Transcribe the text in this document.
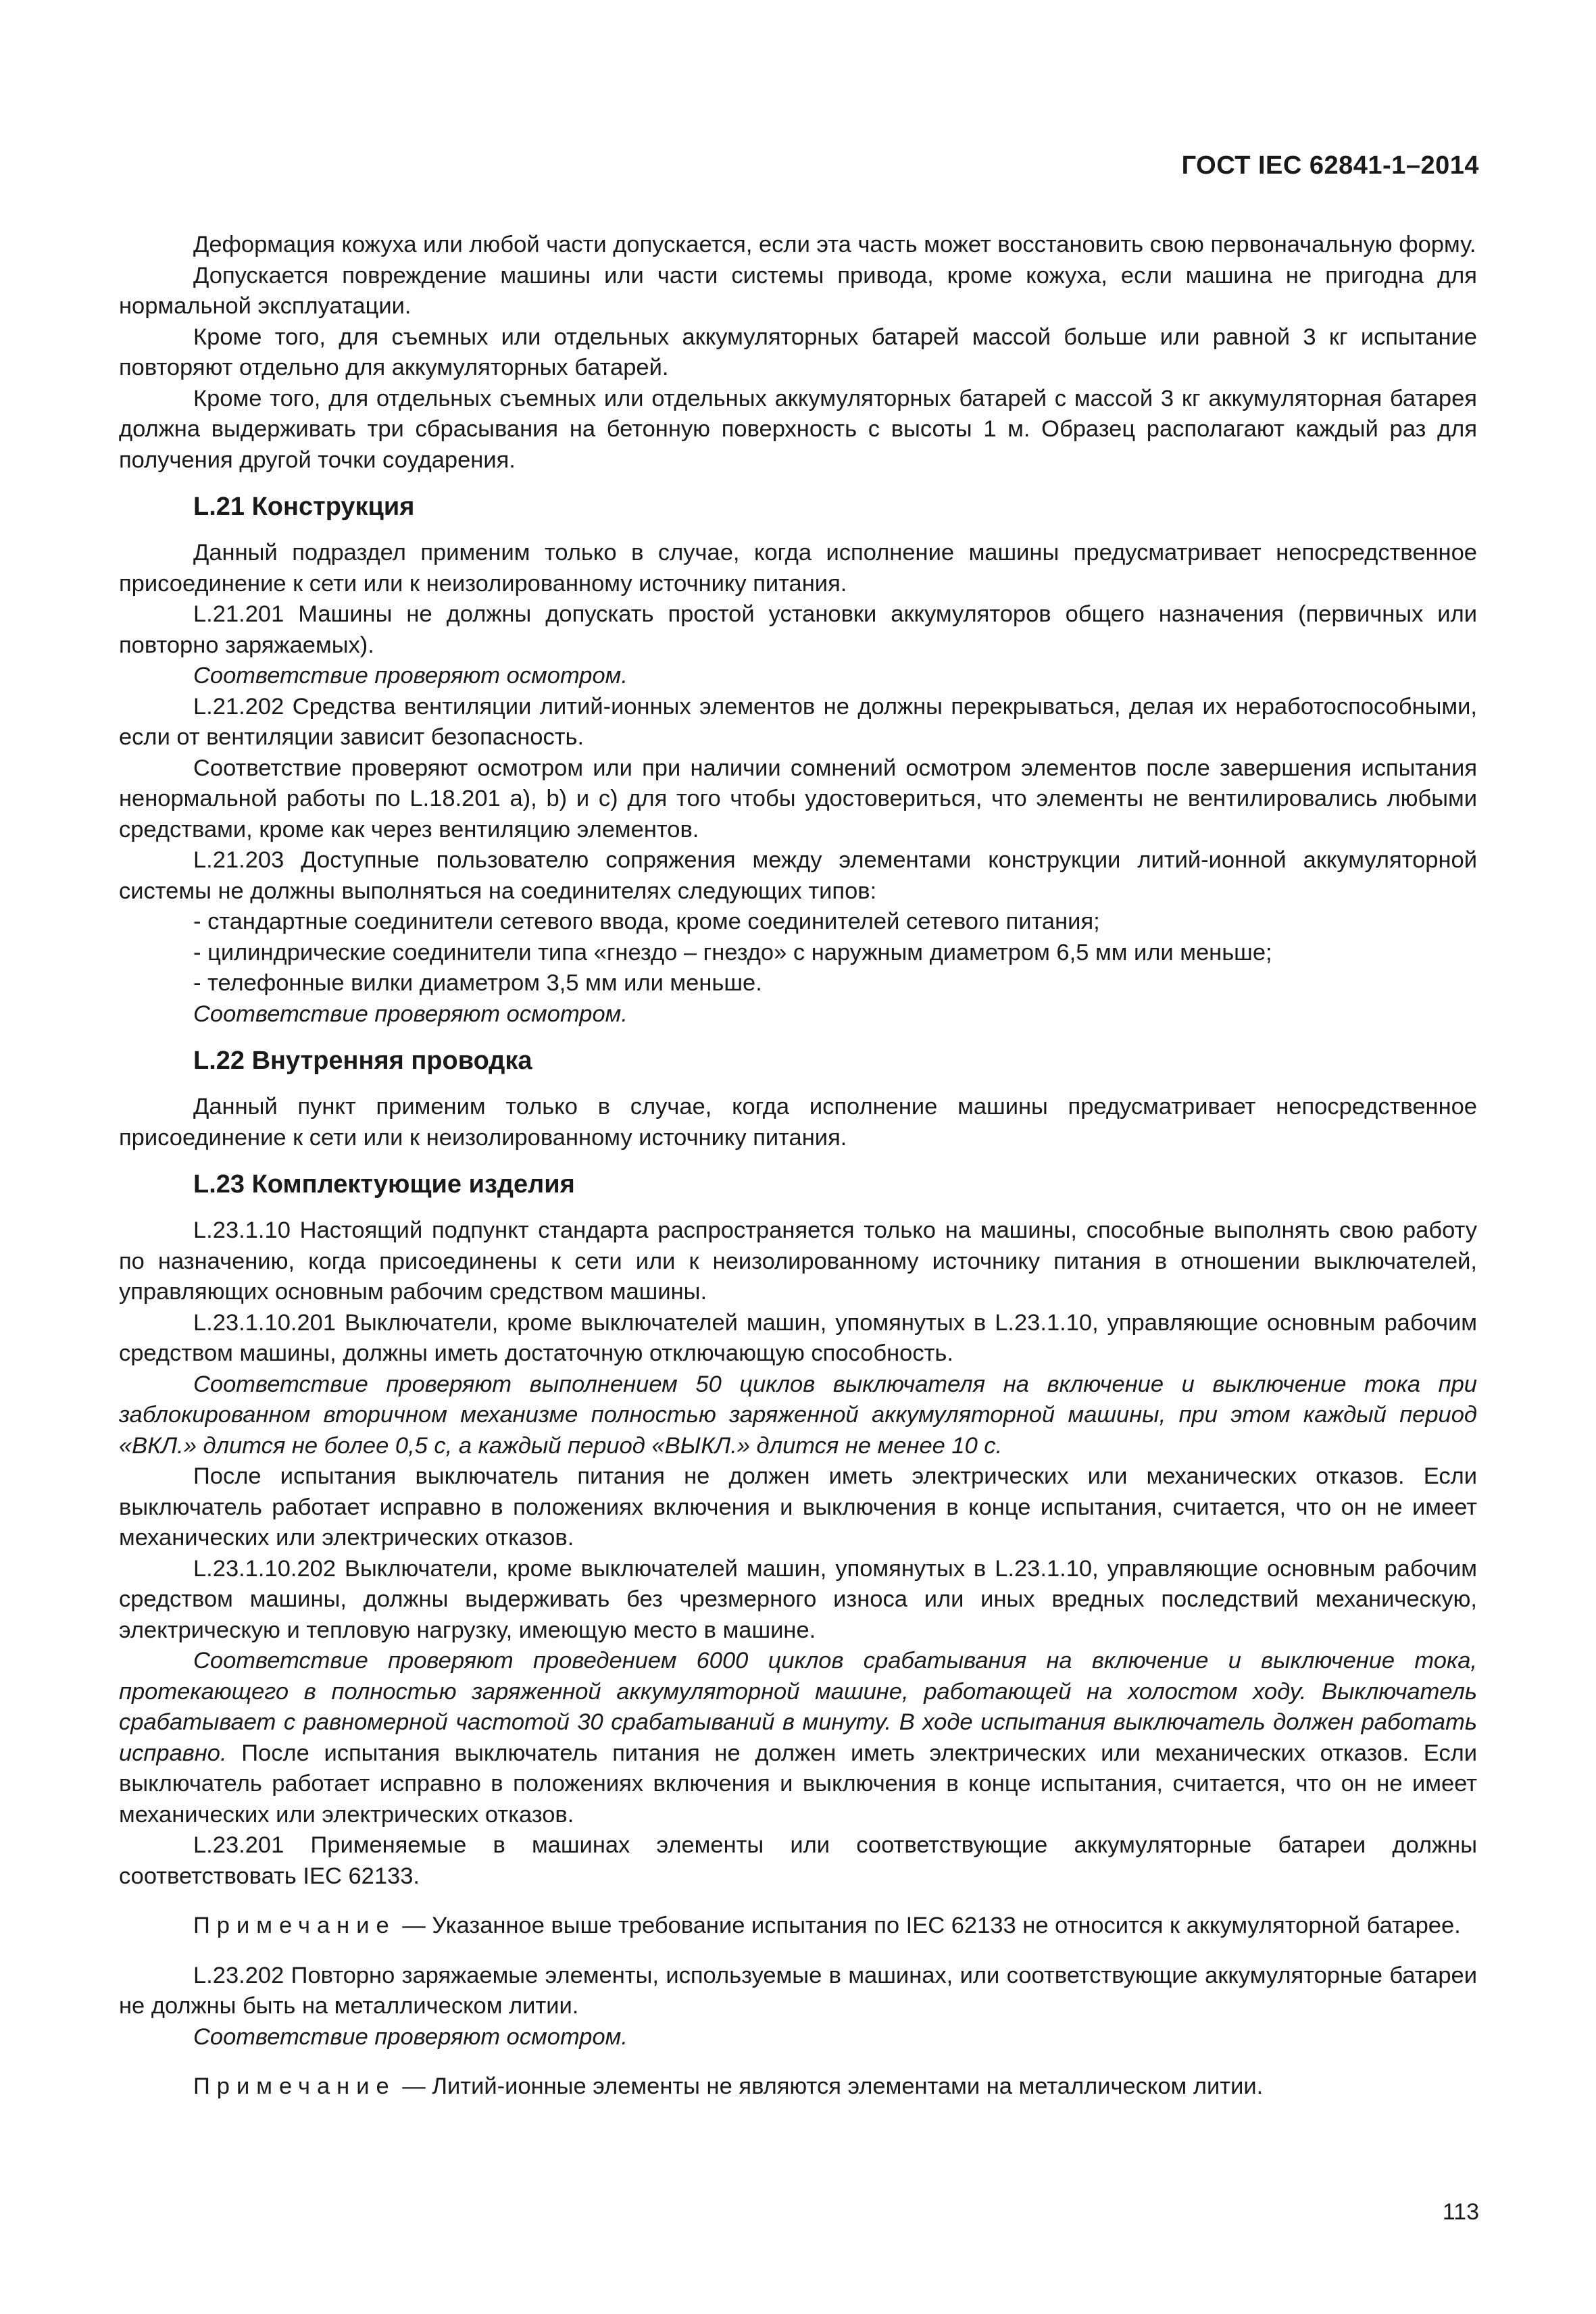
ГОСТ IEC 62841-1–2014

Деформация кожуха или любой части допускается, если эта часть может восстановить свою первоначальную форму.

Допускается повреждение машины или части системы привода, кроме кожуха, если машина не пригодна для нормальной эксплуатации.

Кроме того, для съемных или отдельных аккумуляторных батарей массой больше или равной 3 кг испытание повторяют отдельно для аккумуляторных батарей.

Кроме того, для отдельных съемных или отдельных аккумуляторных батарей с массой 3 кг аккумуляторная батарея должна выдерживать три сбрасывания на бетонную поверхность с высоты 1 м. Образец располагают каждый раз для получения другой точки соударения.

L.21 Конструкция

Данный подраздел применим только в случае, когда исполнение машины предусматривает непосредственное присоединение к сети или к неизолированному источнику питания.

L.21.201 Машины не должны допускать простой установки аккумуляторов общего назначения (первичных или повторно заряжаемых).

Соответствие проверяют осмотром.

L.21.202 Средства вентиляции литий-ионных элементов не должны перекрываться, делая их неработоспособными, если от вентиляции зависит безопасность.

Соответствие проверяют осмотром или при наличии сомнений осмотром элементов после завершения испытания ненормальной работы по L.18.201 а), b) и с) для того чтобы удостовериться, что элементы не вентилировались любыми средствами, кроме как через вентиляцию элементов.

L.21.203 Доступные пользователю сопряжения между элементами конструкции литий-ионной аккумуляторной системы не должны выполняться на соединителях следующих типов:

- стандартные соединители сетевого ввода, кроме соединителей сетевого питания;

- цилиндрические соединители типа «гнездо – гнездо» с наружным диаметром 6,5 мм или меньше;

- телефонные вилки диаметром 3,5 мм или меньше.

Соответствие проверяют осмотром.

L.22 Внутренняя проводка

Данный пункт применим только в случае, когда исполнение машины предусматривает непосредственное присоединение к сети или к неизолированному источнику питания.

L.23 Комплектующие изделия

L.23.1.10 Настоящий подпункт стандарта распространяется только на машины, способные выполнять свою работу по назначению, когда присоединены к сети или к неизолированному источнику питания в отношении выключателей, управляющих основным рабочим средством машины.

L.23.1.10.201 Выключатели, кроме выключателей машин, упомянутых в L.23.1.10, управляющие основным рабочим средством машины, должны иметь достаточную отключающую способность.

Соответствие проверяют выполнением 50 циклов выключателя на включение и выключение тока при заблокированном вторичном механизме полностью заряженной аккумуляторной машины, при этом каждый период «ВКЛ.» длится не более 0,5 с, а каждый период «ВЫКЛ.» длится не менее 10 с.

После испытания выключатель питания не должен иметь электрических или механических отказов. Если выключатель работает исправно в положениях включения и выключения в конце испытания, считается, что он не имеет механических или электрических отказов.

L.23.1.10.202 Выключатели, кроме выключателей машин, упомянутых в L.23.1.10, управляющие основным рабочим средством машины, должны выдерживать без чрезмерного износа или иных вредных последствий механическую, электрическую и тепловую нагрузку, имеющую место в машине.

Соответствие проверяют проведением 6000 циклов срабатывания на включение и выключение тока, протекающего в полностью заряженной аккумуляторной машине, работающей на холостом ходу. Выключатель срабатывает с равномерной частотой 30 срабатываний в минуту. В ходе испытания выключатель должен работать исправно. После испытания выключатель питания не должен иметь электрических или механических отказов. Если выключатель работает исправно в положениях включения и выключения в конце испытания, считается, что он не имеет механических или электрических отказов.

L.23.201 Применяемые в машинах элементы или соответствующие аккумуляторные батареи должны соответствовать IEC 62133.

Примечание — Указанное выше требование испытания по IEC 62133 не относится к аккумуляторной батарее.

L.23.202 Повторно заряжаемые элементы, используемые в машинах, или соответствующие аккумуляторные батареи не должны быть на металлическом литии.

Соответствие проверяют осмотром.

Примечание — Литий-ионные элементы не являются элементами на металлическом литии.

113
